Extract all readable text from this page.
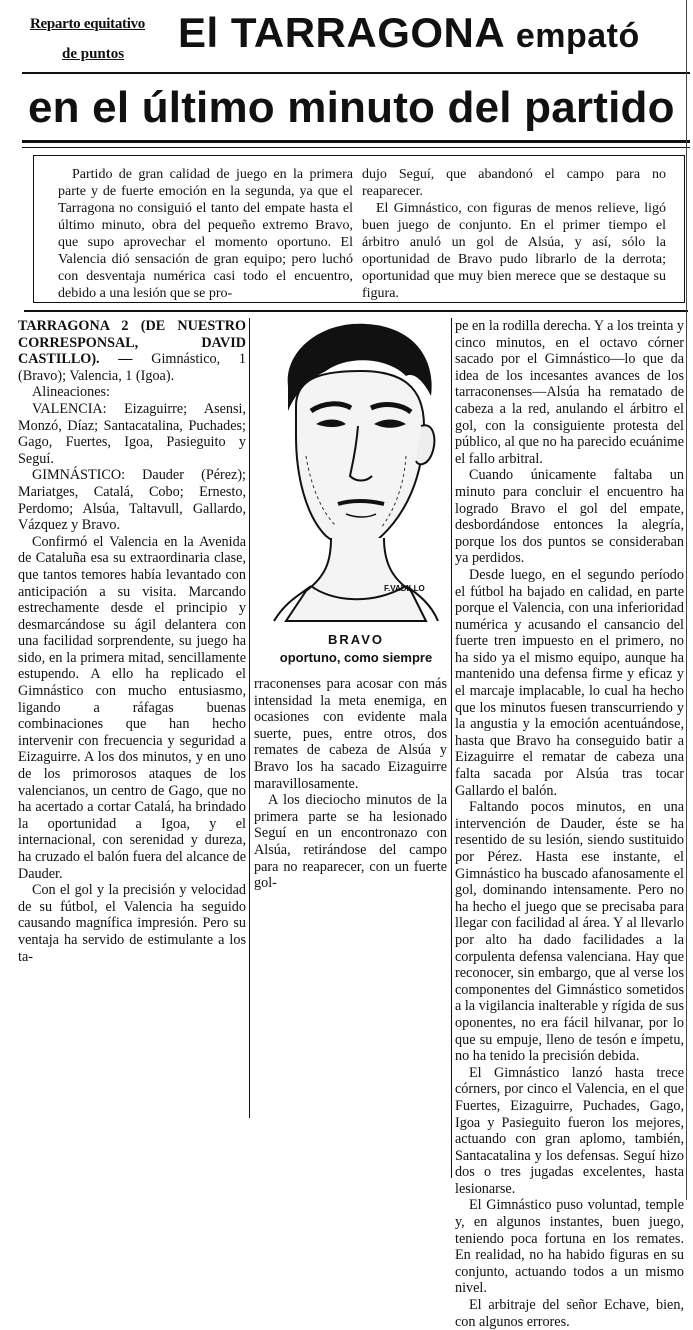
Reparto equitativo
de puntos El TARRAGONA empató
en el último minuto del partido

Partido de gran calidad de juego en la primera parte y de fuerte emoción en la segunda, ya que el Tarragona no consiguió el tanto del empate hasta el último minuto, obra del pequeño extremo Bravo, que supo aprovechar el momento oportuno. El Valencia dió sensación de gran equipo; pero luchó con desventaja numérica casi todo el encuentro, debido a una lesión que se pro-

dujo Seguí, que abandonó el campo para no reaparecer.

El Gimnástico, con figuras de menos relieve, ligó buen juego de conjunto. En el primer tiempo el árbitro anuló un gol de Alsúa, y así, sólo la oportunidad de Bravo pudo librarlo de la derrota; oportunidad que muy bien merece que se destaque su figura.

TARRAGONA 2 (DE NUESTRO CORRESPONSAL, DAVID CASTILLO). — Gimnástico, 1 (Bravo); Valencia, 1 (Igoa).

Alineaciones:

VALENCIA: Eizaguirre; Asensi, Monzó, Díaz; Santacatalina, Puchades; Gago, Fuertes, Igoa, Pasieguito y Seguí.

GIMNÁSTICO: Dauder (Pérez); Mariatges, Catalá, Cobo; Ernesto, Perdomo; Alsúa, Taltavull, Gallardo, Vázquez y Bravo.

Confirmó el Valencia en la Avenida de Cataluña esa su extraordinaria clase, que tantos temores había levantado con anticipación a su visita. Marcando estrechamente desde el principio y desmarcándose su ágil delantera con una facilidad sorprendente, su juego ha sido, en la primera mitad, sencillamente estupendo. A ello ha replicado el Gimnástico con mucho entusiasmo, ligando a ráfagas buenas combinaciones que han hecho intervenir con frecuencia y seguridad a Eizaguirre. A los dos minutos, y en uno de los primorosos ataques de los valencianos, un centro de Gago, que no ha acertado a cortar Catalá, ha brindado la oportunidad a Igoa, y el internacional, con serenidad y dureza, ha cruzado el balón fuera del alcance de Dauder.

Con el gol y la precisión y velocidad de su fútbol, el Valencia ha seguido causando magnífica impresión. Pero su ventaja ha servido de estimulante a los ta-

F.VADILLO
BRAVO
oportuno, como siempre

rraconenses para acosar con más intensidad la meta enemiga, en ocasiones con evidente mala suerte, pues, entre otros, dos remates de cabeza de Alsúa y Bravo los ha sacado Eizaguirre maravillosamente.

A los dieciocho minutos de la primera parte se ha lesionado Seguí en un encontronazo con Alsúa, retirándose del campo para no reaparecer, con un fuerte gol-

pe en la rodilla derecha. Y a los treinta y cinco minutos, en el octavo córner sacado por el Gimnástico—lo que da idea de los incesantes avances de los tarraconenses—Alsúa ha rematado de cabeza a la red, anulando el árbitro el gol, con la consiguiente protesta del público, al que no ha parecido ecuánime el fallo arbitral.

Cuando únicamente faltaba un minuto para concluir el encuentro ha logrado Bravo el gol del empate, desbordándose entonces la alegría, porque los dos puntos se consideraban ya perdidos.

Desde luego, en el segundo período el fútbol ha bajado en calidad, en parte porque el Valencia, con una inferioridad numérica y acusando el cansancio del fuerte tren impuesto en el primero, no ha sido ya el mismo equipo, aunque ha mantenido una defensa firme y eficaz y el marcaje implacable, lo cual ha hecho que los minutos fuesen transcurriendo y la angustia y la emoción acentuándose, hasta que Bravo ha conseguido batir a Eizaguirre el rematar de cabeza una falta sacada por Alsúa tras tocar Gallardo el balón.

Faltando pocos minutos, en una intervención de Dauder, éste se ha resentido de su lesión, siendo sustituido por Pérez. Hasta ese instante, el Gimnástico ha buscado afanosamente el gol, dominando intensamente. Pero no ha hecho el juego que se precisaba para llegar con facilidad al área. Y al llevarlo por alto ha dado facilidades a la corpulenta defensa valenciana. Hay que reconocer, sin embargo, que al verse los componentes del Gimnástico sometidos a la vigilancia inalterable y rígida de sus oponentes, no era fácil hilvanar, por lo que su empuje, lleno de tesón e ímpetu, no ha tenido la precisión debida.

El Gimnástico lanzó hasta trece córners, por cinco el Valencia, en el que Fuertes, Eizaguirre, Puchades, Gago, Igoa y Pasieguito fueron los mejores, actuando con gran aplomo, también, Santacatalina y los defensas. Seguí hizo dos o tres jugadas excelentes, hasta lesionarse.

El Gimnástico puso voluntad, temple y, en algunos instantes, buen juego, teniendo poca fortuna en los remates. En realidad, no ha habido figuras en su conjunto, actuando todos a un mismo nivel.

El arbitraje del señor Echave, bien, con algunos errores.
